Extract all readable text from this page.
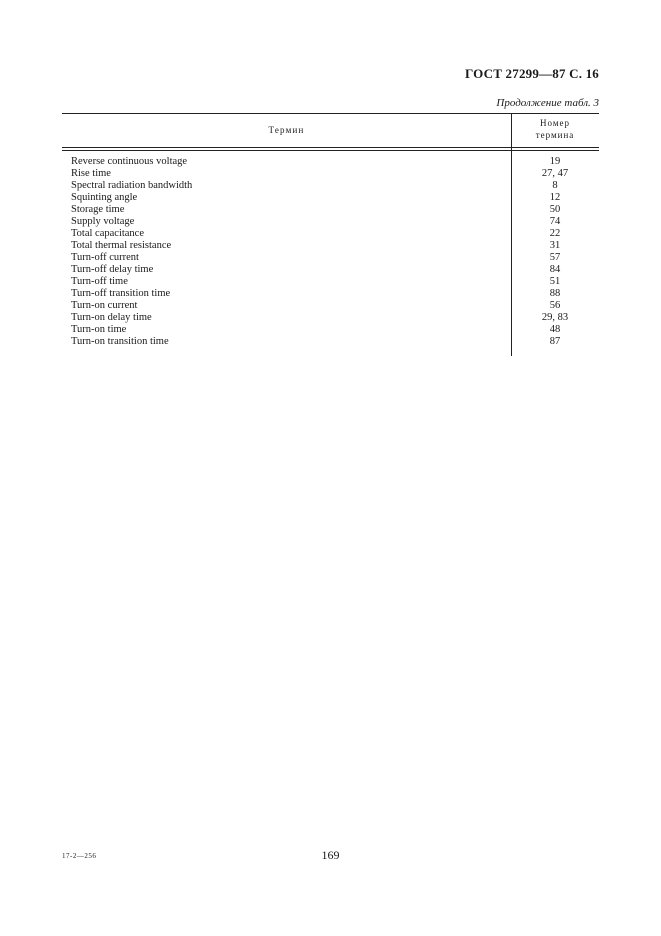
ГОСТ 27299—87 С. 16
Продолжение табл. 3
Термин
Номер
термина
Reverse continuous voltage	19
Rise time	27, 47
Spectral radiation bandwidth	8
Squinting angle	12
Storage time	50
Supply voltage	74
Total capacitance	22
Total thermal resistance	31
Turn-off current	57
Turn-off delay time	84
Turn-off time	51
Turn-off transition time	88
Turn-on current	56
Turn-on delay time	29, 83
Turn-on time	48
Turn-on transition time	87
17-2—256	169
